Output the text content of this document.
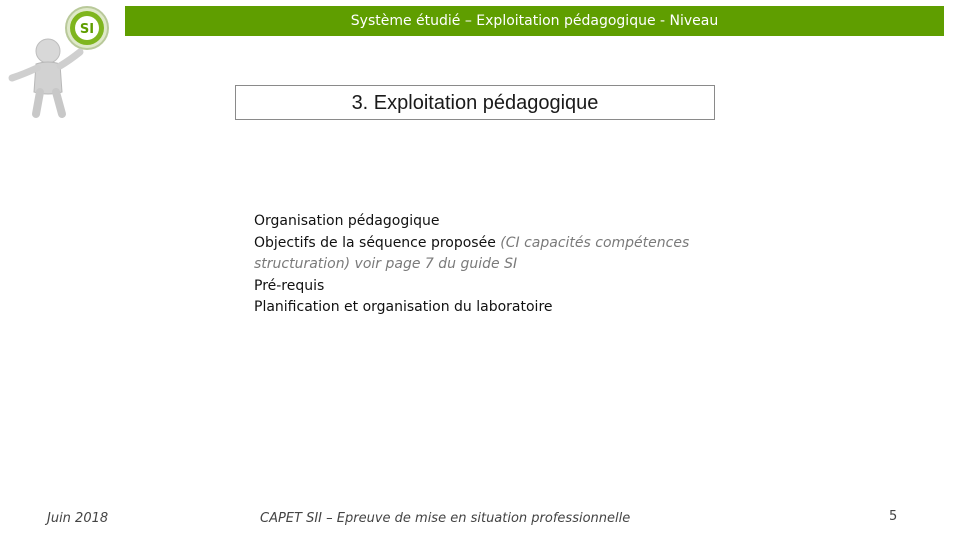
SI
Système étudié – Exploitation pédagogique - Niveau
3. Exploitation pédagogique
Organisation pédagogique
Objectifs de la séquence proposée (CI capacités compétences
structuration) voir page 7 du guide SI
Pré-requis
Planification et organisation du laboratoire
Juin 2018	CAPET SII – Epreuve de mise en situation professionnelle	5
